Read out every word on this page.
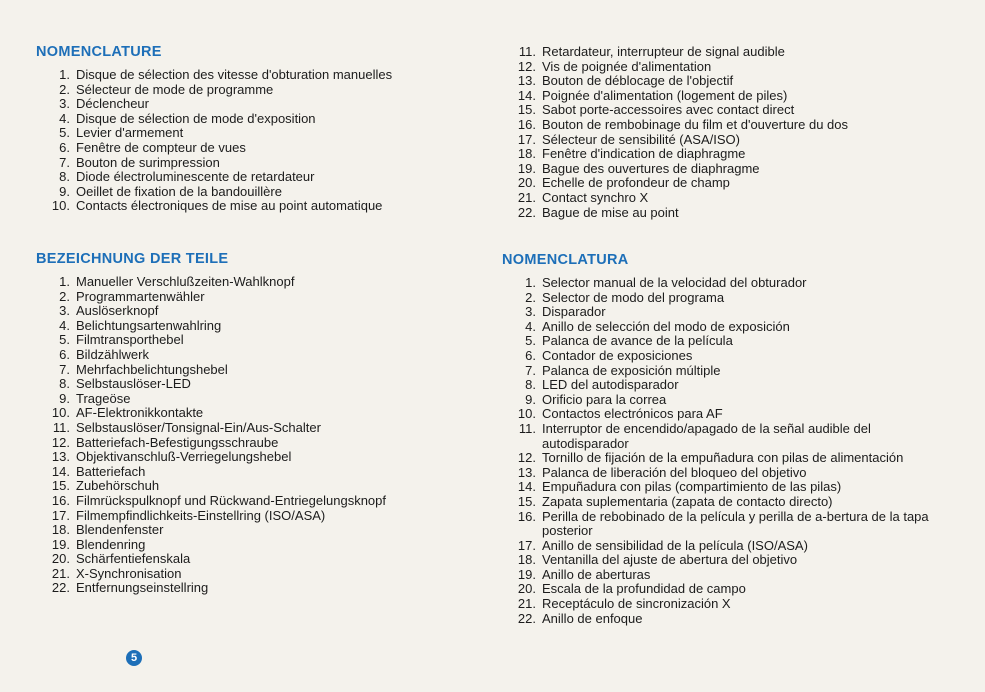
NOMENCLATURE
1. Disque de sélection des vitesse d'obturation manuelles
2. Sélecteur de mode de programme
3. Déclencheur
4. Disque de sélection de mode d'exposition
5. Levier d'armement
6. Fenêtre de compteur de vues
7. Bouton de surimpression
8. Diode électroluminescente de retardateur
9. Oeillet de fixation de la bandouillère
10. Contacts électroniques de mise au point automatique
BEZEICHNUNG DER TEILE
1. Manueller Verschlußzeiten-Wahlknopf
2. Programmartenwähler
3. Auslöserknopf
4. Belichtungsartenwahlring
5. Filmtransporthebel
6. Bildzählwerk
7. Mehrfachbelichtungshebel
8. Selbstauslöser-LED
9. Trageöse
10. AF-Elektronikkontakte
11. Selbstauslöser/Tonsignal-Ein/Aus-Schalter
12. Batteriefach-Befestigungsschraube
13. Objektivanschluß-Verriegelungshebel
14. Batteriefach
15. Zubehörschuh
16. Filmrückspulknopf und Rückwand-Entriegelungsknopf
17. Filmempfindlichkeits-Einstellring (ISO/ASA)
18. Blendenfenster
19. Blendenring
20. Schärfentiefenskala
21. X-Synchronisation
22. Entfernungseinstellring
11. Retardateur, interrupteur de signal audible
12. Vis de poignée d'alimentation
13. Bouton de déblocage de l'objectif
14. Poignée d'alimentation (logement de piles)
15. Sabot porte-accessoires avec contact direct
16. Bouton de rembobinage du film et d'ouverture du dos
17. Sélecteur de sensibilité (ASA/ISO)
18. Fenêtre d'indication de diaphragme
19. Bague des ouvertures de diaphragme
20. Echelle de profondeur de champ
21. Contact synchro X
22. Bague de mise au point
NOMENCLATURA
1. Selector manual de la velocidad del obturador
2. Selector de modo del programa
3. Disparador
4. Anillo de selección del modo de exposición
5. Palanca de avance de la película
6. Contador de exposiciones
7. Palanca de exposición múltiple
8. LED del autodisparador
9. Orificio para la correa
10. Contactos electrónicos para AF
11. Interruptor de encendido/apagado de la señal audible del autodisparador
12. Tornillo de fijación de la empuñadura con pilas de alimentación
13. Palanca de liberación del bloqueo del objetivo
14. Empuñadura con pilas (compartimiento de las pilas)
15. Zapata suplementaria (zapata de contacto directo)
16. Perilla de rebobinado de la película y perilla de a-bertura de la tapa posterior
17. Anillo de sensibilidad de la película (ISO/ASA)
18. Ventanilla del ajuste de abertura del objetivo
19. Anillo de aberturas
20. Escala de la profundidad de campo
21. Receptáculo de sincronización X
22. Anillo de enfoque
5
